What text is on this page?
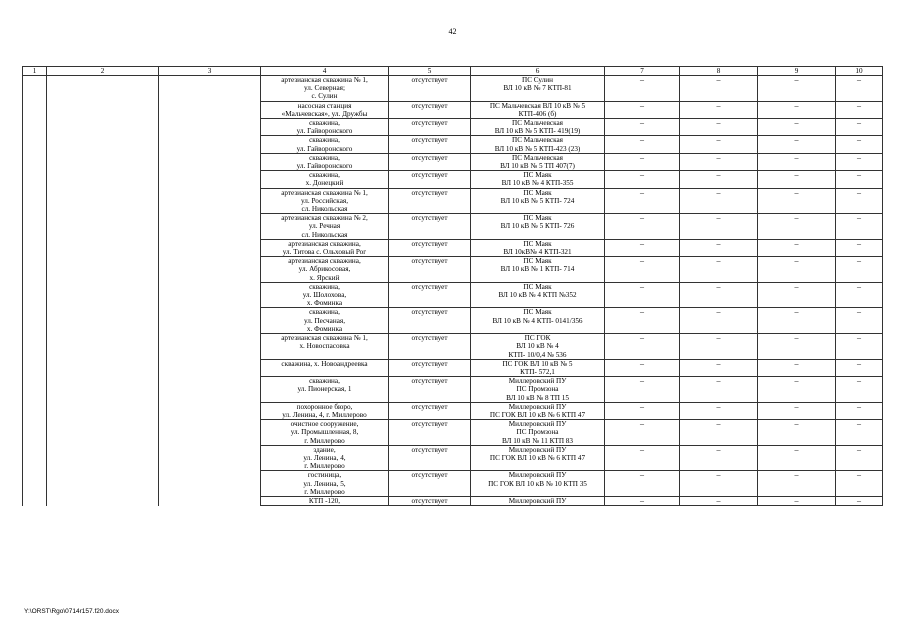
42
1	2	3	4	5	6	7	8	9	10
			артезианская скважина № 1,
ул. Северная;
с. Сулин	отсутствует	ПС Сулин
ВЛ 10 кВ № 7 КТП-81	–	–	–	–
			насосная станция
«Мальчевская», ул. Дружбы	отсутствует	ПС Мальчевская ВЛ 10 кВ № 5
КТП-406 (б)	–	–	–	–
			скважина,
ул. Гайворонского	отсутствует	ПС Мальчевская
ВЛ 10 кВ № 5 КТП- 419(19)	–	–	–	–
			скважина,
ул. Гайворонского	отсутствует	ПС Мальчевская
ВЛ 10 кВ № 5 КТП-423 (23)	–	–	–	–
			скважина,
ул. Гайворонского	отсутствует	ПС Мальчевская
ВЛ 10 кВ № 5 ТП 407(7)	–	–	–	–
			скважина,
х. Донецкий	отсутствует	ПС Маяк
ВЛ 10 кВ № 4 КТП-355	–	–	–	–
			артезианская скважина № 1,
ул. Российская,
сл. Никольская	отсутствует	ПС Маяк
ВЛ 10 кВ № 5 КТП- 724	–	–	–	–
			артезианская скважина № 2,
ул. Речная
сл. Никольская	отсутствует	ПС Маяк
ВЛ 10 кВ № 5 КТП- 726	–	–	–	–
			артезианская скважина,
ул. Титова с. Ольховый Рог	отсутствует	ПС Маяк
ВЛ 10кВ№ 4 КТП-321	–	–	–	–
			артезианская скважина,
ул. Абрикосовая,
х. Ярский	отсутствует	ПС Маяк
ВЛ 10 кВ № 1 КТП- 714	–	–	–	–
			скважина,
ул. Шолохова,
х. Фоминка	отсутствует	ПС Маяк
ВЛ 10 кВ № 4 КТП №352	–	–	–	–
			скважина,
ул. Песчаная,
х. Фоминка	отсутствует	ПС Маяк
ВЛ 10 кВ № 4 КТП- 0141/356	–	–	–	–
			артезианская скважина № 1,
х. Новоспасовка	отсутствует	ПС ГОК
ВЛ 10 кВ № 4
КТП- 10/0,4 № 536	–	–	–	–
			скважина, х. Новоандреевка	отсутствует	ПС ГОК ВЛ 10 кВ № 5
КТП- 572,1	–	–	–	–
			скважина,
ул. Пионерская, 1	отсутствует	Миллеровский ПУ
ПС Промзона
ВЛ 10 кВ № 8 ТП 15	–	–	–	–
			похоронное бюро,
ул. Ленина, 4, г. Миллерово	отсутствует	Миллеровский ПУ
ПС ГОК ВЛ 10 кВ № 6 КТП 47	–	–	–	–
			очистное сооружение,
ул. Промышленная, 8,
г. Миллерово	отсутствует	Миллеровский ПУ
ПС Промзона
ВЛ 10 кВ № 11 КТП 83	–	–	–	–
			здание,
ул. Ленина, 4,
г. Миллерово	отсутствует	Миллеровский ПУ
ПС ГОК ВЛ 10 кВ № 6 КТП 47	–	–	–	–
			гостиница,
ул. Ленина, 5,
г. Миллерово	отсутствует	Миллеровский ПУ
ПС ГОК ВЛ 10 кВ № 10 КТП 35	–	–	–	–
			КТП -120,	отсутствует	Миллеровский ПУ	–	–	–	–
Y:\ORST\Rgo\0714r157.f20.docx
